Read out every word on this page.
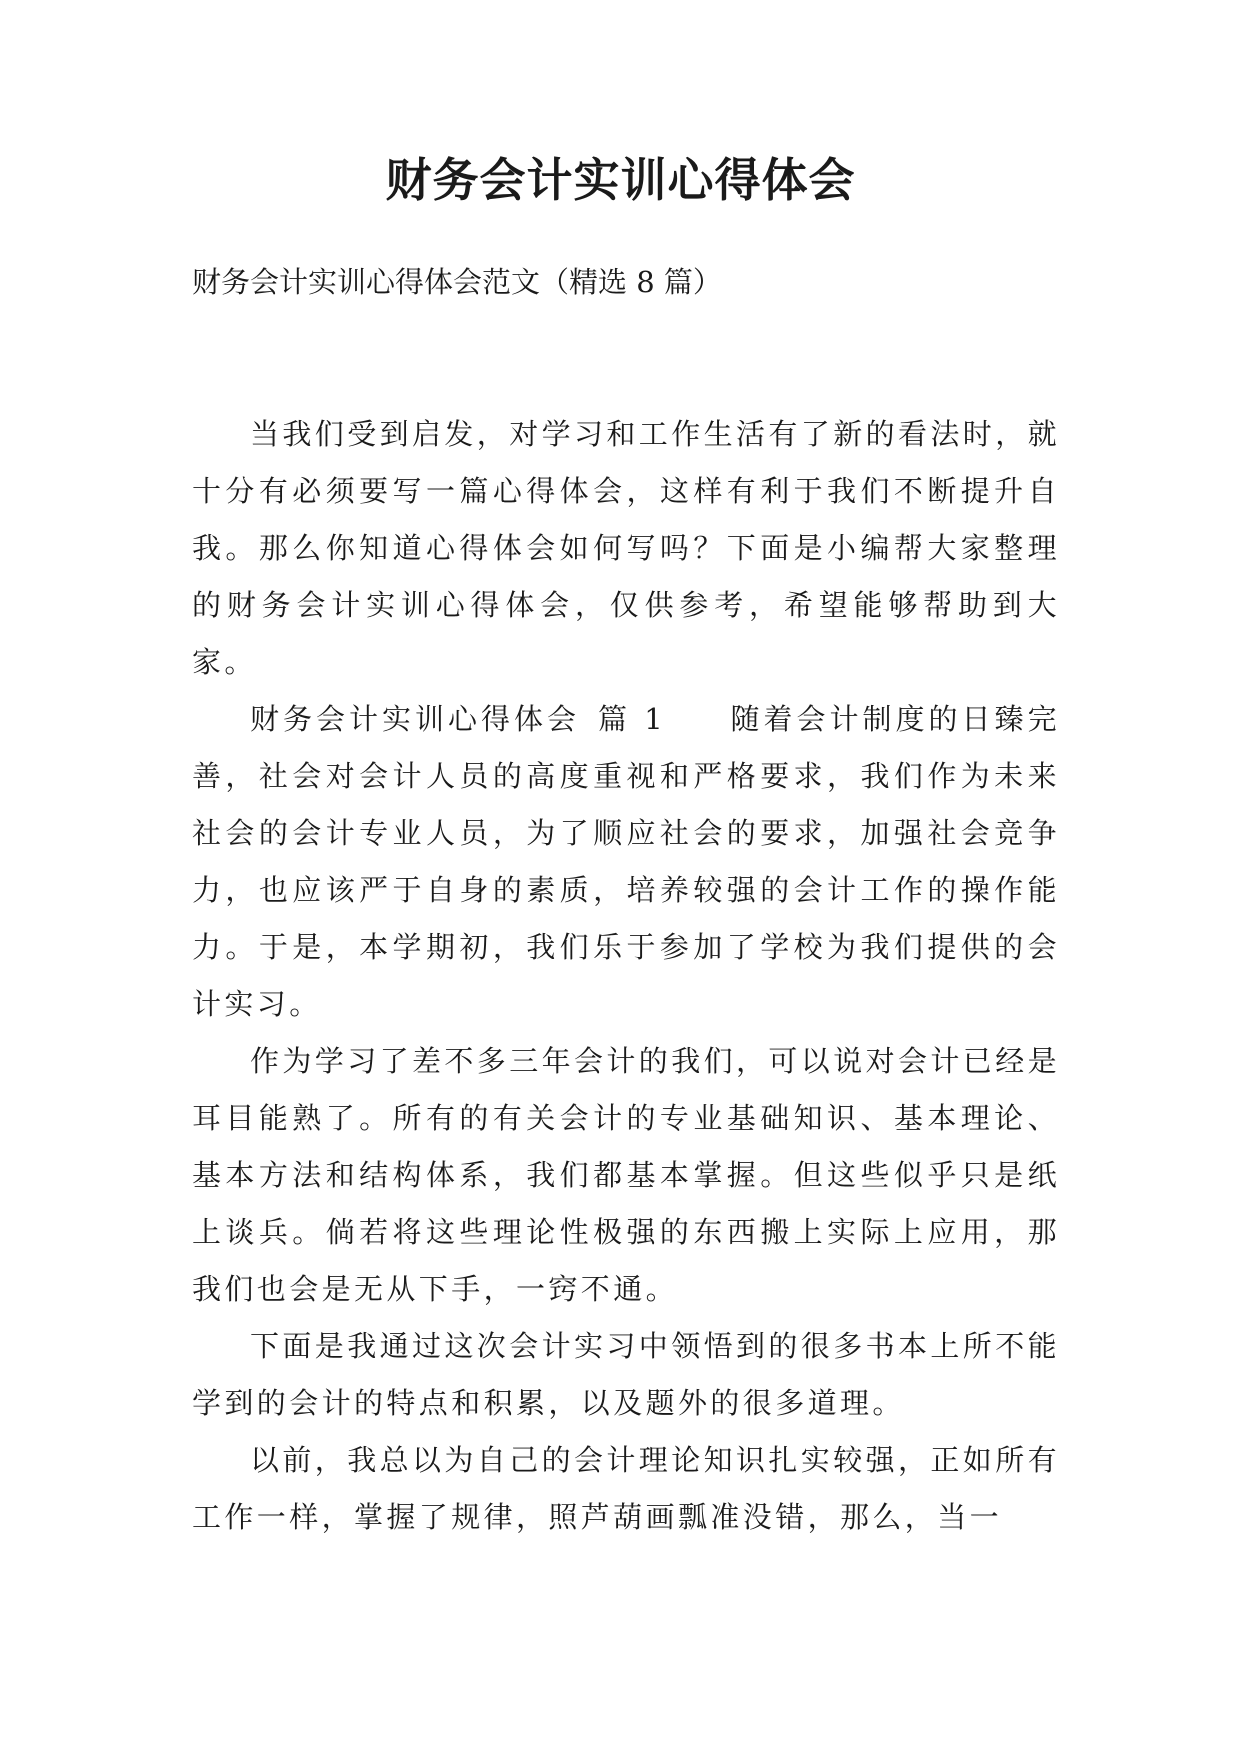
财务会计实训心得体会

财务会计实训心得体会范文（精选 8 篇）

当我们受到启发，对学习和工作生活有了新的看法时，就十分有必须要写一篇心得体会，这样有利于我们不断提升自我。那么你知道心得体会如何写吗？下面是小编帮大家整理的财务会计实训心得体会，仅供参考，希望能够帮助到大家。

财务会计实训心得体会 篇 1 随着会计制度的日臻完善，社会对会计人员的高度重视和严格要求，我们作为未来社会的会计专业人员，为了顺应社会的要求，加强社会竞争力，也应该严于自身的素质，培养较强的会计工作的操作能力。于是，本学期初，我们乐于参加了学校为我们提供的会计实习。

作为学习了差不多三年会计的我们，可以说对会计已经是耳目能熟了。所有的有关会计的专业基础知识、基本理论、基本方法和结构体系，我们都基本掌握。但这些似乎只是纸上谈兵。倘若将这些理论性极强的东西搬上实际上应用，那我们也会是无从下手，一窍不通。

下面是我通过这次会计实习中领悟到的很多书本上所不能学到的会计的特点和积累，以及题外的很多道理。

以前，我总以为自己的会计理论知识扎实较强，正如所有工作一样，掌握了规律，照芦葫画瓢准没错，那么，当一
